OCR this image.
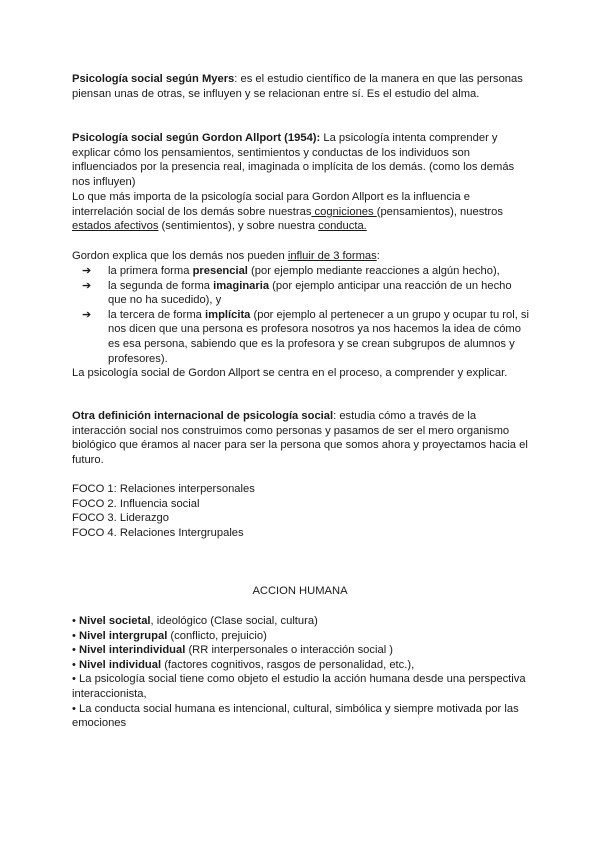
Psicología social según Myers: es el estudio científico de la manera en que las personas piensan unas de otras, se influyen y se relacionan entre sí. Es el estudio del alma.

Psicología social según Gordon Allport (1954): La psicología intenta comprender y explicar cómo los pensamientos, sentimientos y conductas de los individuos son influenciados por la presencia real, imaginada o implícita de los demás. (como los demás nos influyen)

Lo que más importa de la psicología social para Gordon Allport es la influencia e interrelación social de los demás sobre nuestras cogniciones (pensamientos), nuestros estados afectivos (sentimientos), y sobre nuestra conducta.

Gordon explica que los demás nos pueden influir de 3 formas:

➔ la primera forma presencial (por ejemplo mediante reacciones a algún hecho),
➔ la segunda de forma imaginaria (por ejemplo anticipar una reacción de un hecho que no ha sucedido), y
➔ la tercera de forma implícita (por ejemplo al pertenecer a un grupo y ocupar tu rol, si nos dicen que una persona es profesora nosotros ya nos hacemos la idea de cómo es esa persona, sabiendo que es la profesora y se crean subgrupos de alumnos y profesores).

La psicología social de Gordon Allport se centra en el proceso, a comprender y explicar.

Otra definición internacional de psicología social: estudia cómo a través de la interacción social nos construimos como personas y pasamos de ser el mero organismo biológico que éramos al nacer para ser la persona que somos ahora y proyectamos hacia el futuro.

FOCO 1: Relaciones interpersonales
FOCO 2. Influencia social
FOCO 3. Liderazgo
FOCO 4. Relaciones Intergrupales
ACCION HUMANA
• Nivel societal, ideológico (Clase social, cultura)
• Nivel intergrupal (conflicto, prejuicio)
• Nivel interindividual (RR interpersonales o interacción social )
• Nivel individual (factores cognitivos, rasgos de personalidad, etc.),
• La psicología social tiene como objeto el estudio la acción humana desde una perspectiva interaccionista,
• La conducta social humana es intencional, cultural, simbólica y siempre motivada por las emociones
